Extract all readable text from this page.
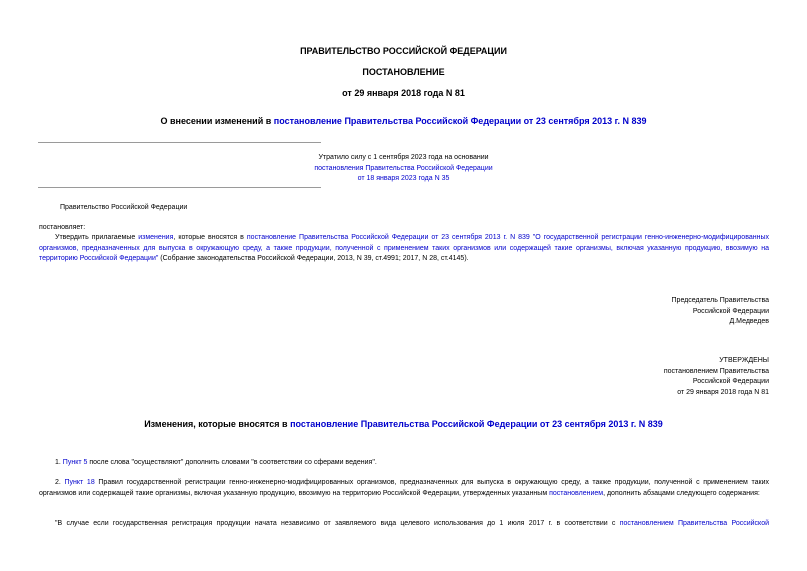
ПРАВИТЕЛЬСТВО РОССИЙСКОЙ ФЕДЕРАЦИИ
ПОСТАНОВЛЕНИЕ
от 29 января 2018 года N 81
О внесении изменений в постановление Правительства Российской Федерации от 23 сентября 2013 г. N 839
Утратило силу с 1 сентября 2023 года на основании
постановления Правительства Российской Федерации
от 18 января 2023 года N 35
Правительство Российской Федерации
постановляет:
Утвердить прилагаемые изменения, которые вносятся в постановление Правительства Российской Федерации от 23 сентября 2013 г. N 839 "О государственной регистрации генно-инженерно-модифицированных организмов, предназначенных для выпуска в окружающую среду, а также продукции, полученной с применением таких организмов или содержащей такие организмы, включая указанную продукцию, ввозимую на территорию Российской Федерации" (Собрание законодательства Российской Федерации, 2013, N 39, ст.4991; 2017, N 28, ст.4145).
Председатель Правительства
Российской Федерации
Д.Медведев
УТВЕРЖДЕНЫ
постановлением Правительства
Российской Федерации
от 29 января 2018 года N 81
Изменения, которые вносятся в постановление Правительства Российской Федерации от 23 сентября 2013 г. N 839
1. Пункт 5 после слова "осуществляют" дополнить словами "в соответствии со сферами ведения".
2. Пункт 18 Правил государственной регистрации генно-инженерно-модифицированных организмов, предназначенных для выпуска в окружающую среду, а также продукции, полученной с применением таких организмов или содержащей такие организмы, включая указанную продукцию, ввозимую на территорию Российской Федерации, утвержденных указанным постановлением, дополнить абзацами следующего содержания:
"В случае если государственная регистрация продукции начата независимо от заявляемого вида целевого использования до 1 июля 2017 г. в соответствии с постановлением Правительства Российской
